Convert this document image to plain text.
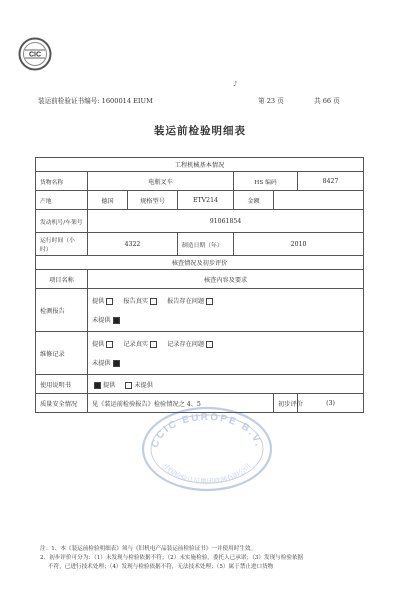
CIC
♪
装运前检验证书编号: 1600014 EIUM	第 23 页	共 66 页
装运前检验明细表
工程机械基本情况						
货物名称	电瓶叉车			HS 编码		8427
产地	德国	规格型号	ETV214	金额		
发动机号/车架号	91061854					
运行时间（小时）	4322		制造日期（年）	2010		
核查情况及初步评价						
项目名称	核查内容及要求					
检测报告	提供 报告真实 报告存在问题
未提供					

维修记录	提供 记录真实 记录存在问题
未提供					

使用说明书	提供 未提供					
质量安全情况	见《装运前检验报告》检验情况之 4、5				初步评价	(3)
CCIC EUROPE B.V.
中国检验认证集团欧洲有限公司
注：1、本《装运前检验明细表》须与《旧机电产品装运前检验证书》一并使用时生效。
2、初步评价可分为：（1）未发现与检验依据不符；（2）未实施检验，委托人已承诺；（3）发现与检验依据
不符，已进行技术处理；（4）发现与检验依据不符，无法技术处理；（5）属于禁止进口货物
